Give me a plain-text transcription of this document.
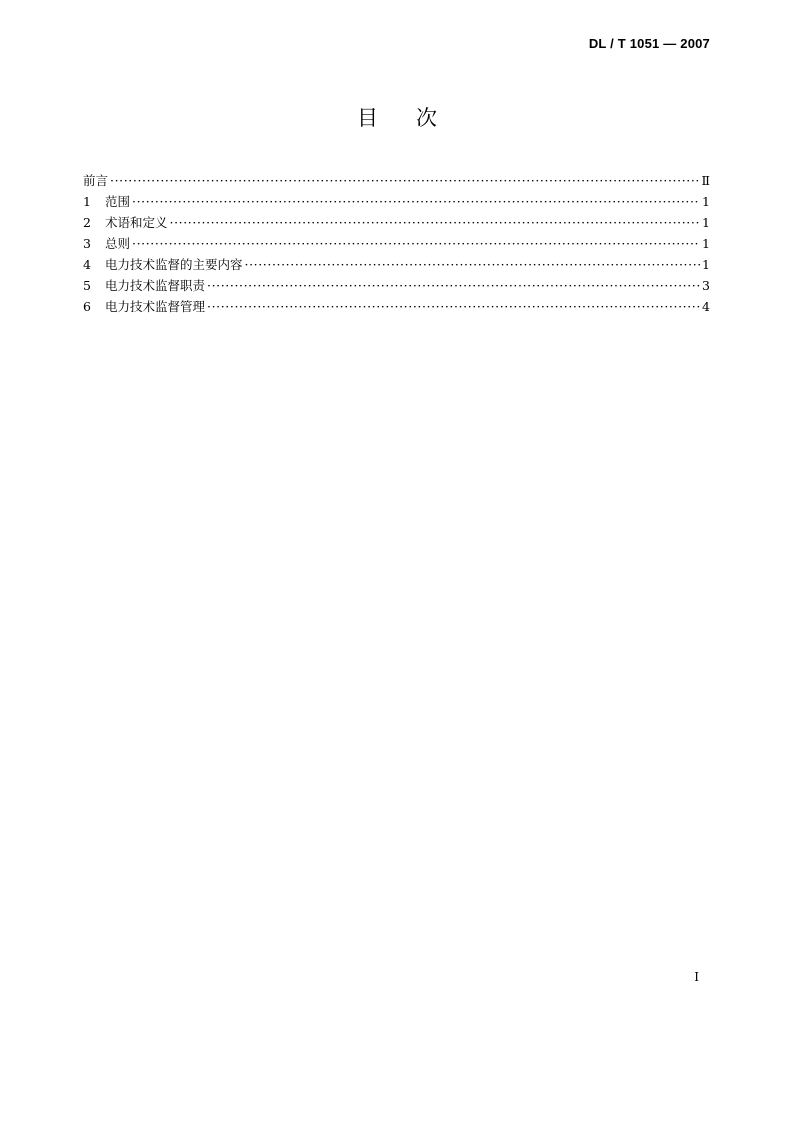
DL / T 1051 — 2007
目次
前言 ·····	Ⅱ
1	范围 ·····	1
2	术语和定义 ·····	1
3	总则 ·····	1
4	电力技术监督的主要内容 ·····	1
5	电力技术监督职责 ·····	3
6	电力技术监督管理 ·····	4
I
